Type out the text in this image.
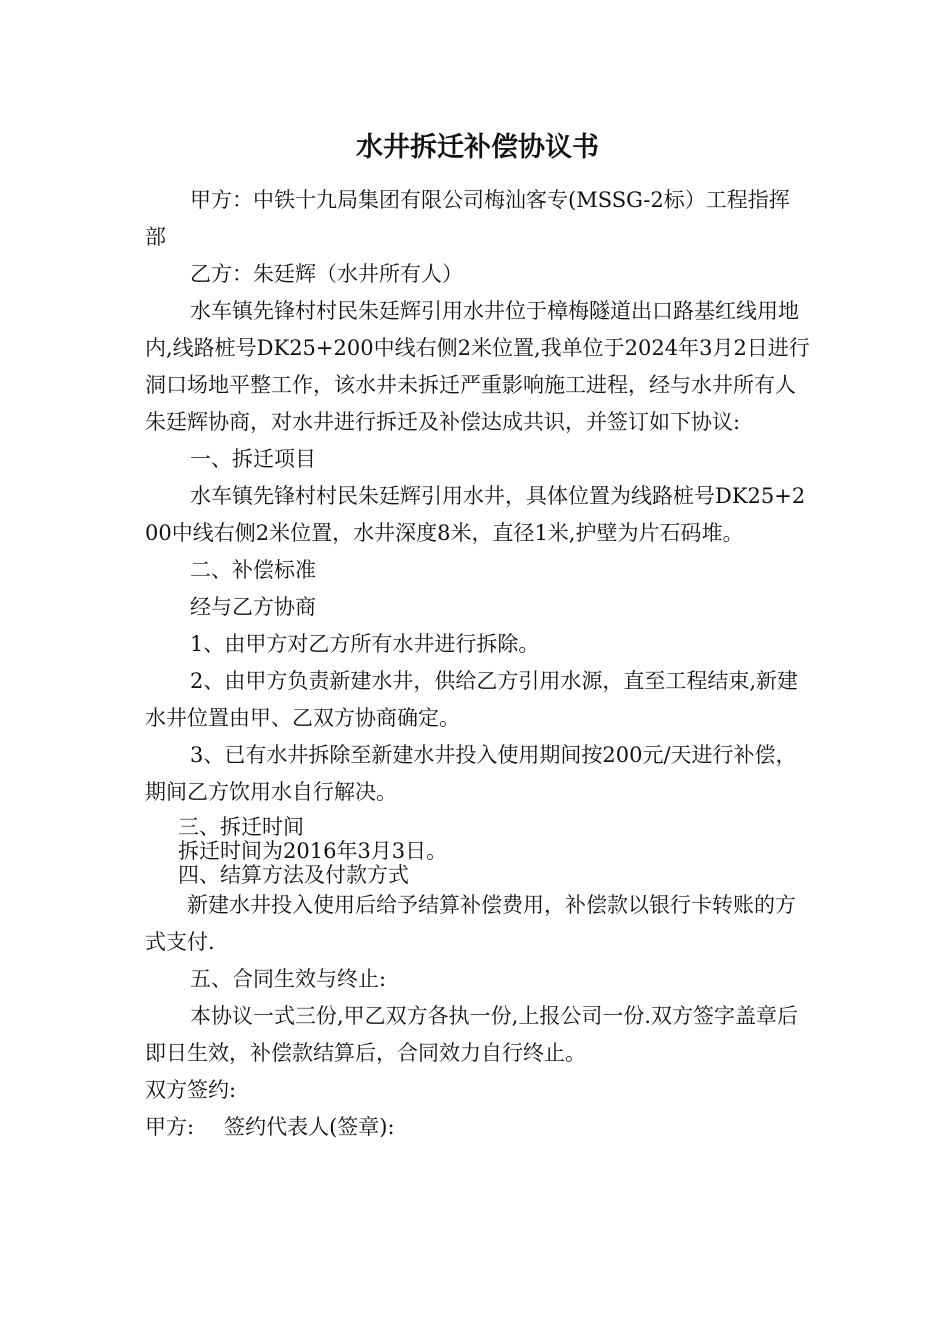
水井拆迁补偿协议书

甲方：中铁十九局集团有限公司梅汕客专(MSSG-2标）工程指挥部

乙方：朱廷辉（水井所有人）

水车镇先锋村村民朱廷辉引用水井位于樟梅隧道出口路基红线用地内,线路桩号DK25+200中线右侧2米位置,我单位于2024年3月2日进行洞口场地平整工作，该水井未拆迁严重影响施工进程，经与水井所有人朱廷辉协商，对水井进行拆迁及补偿达成共识，并签订如下协议:

一、拆迁项目

水车镇先锋村村民朱廷辉引用水井，具体位置为线路桩号DK25+200中线右侧2米位置，水井深度8米，直径1米,护壁为片石码堆。

二、补偿标准

经与乙方协商

1、由甲方对乙方所有水井进行拆除。

2、由甲方负责新建水井，供给乙方引用水源，直至工程结束,新建水井位置由甲、乙双方协商确定。

3、已有水井拆除至新建水井投入使用期间按200元/天进行补偿，期间乙方饮用水自行解决。

三、拆迁时间

拆迁时间为2016年3月3日。

四、结算方法及付款方式

新建水井投入使用后给予结算补偿费用，补偿款以银行卡转账的方式支付.

五、合同生效与终止:

本协议一式三份,甲乙双方各执一份,上报公司一份.双方签字盖章后即日生效，补偿款结算后，合同效力自行终止。

双方签约:

甲方: 签约代表人(签章):
